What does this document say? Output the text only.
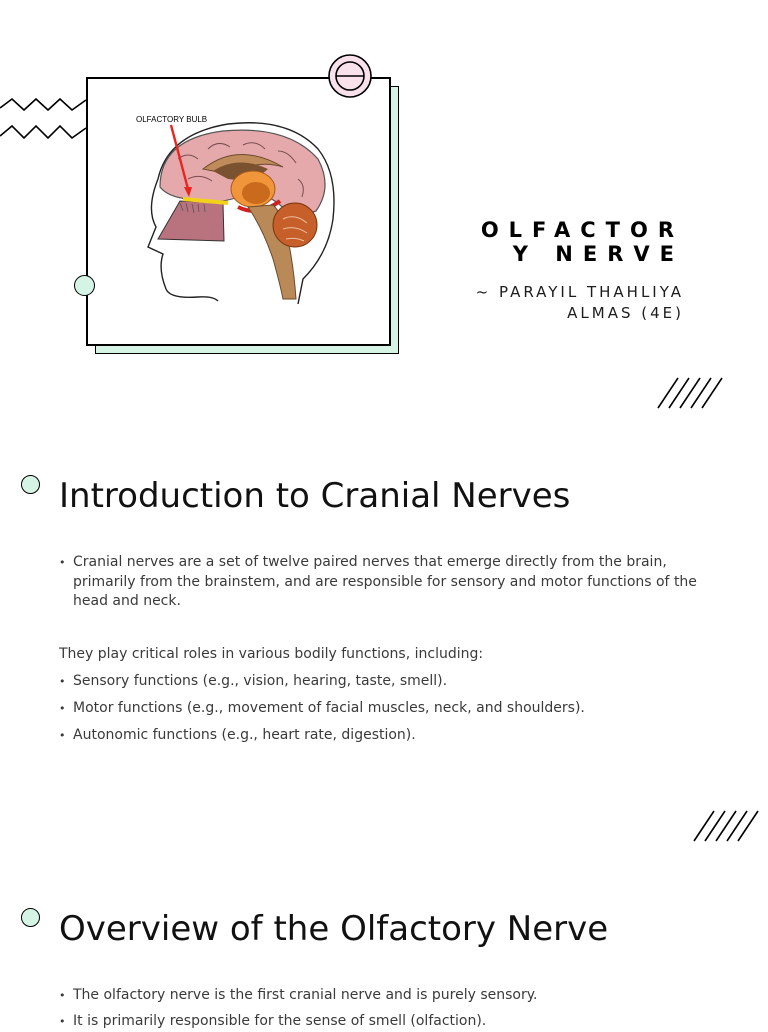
OLFACTORY BULB
OLFACTOR
Y NERVE
~ PARAYIL THAHLIYA
ALMAS (4E)
Introduction to Cranial Nerves
• Cranial nerves are a set of twelve paired nerves that emerge directly from the brain, primarily from the brainstem, and are responsible for sensory and motor functions of the head and neck.
They play critical roles in various bodily functions, including:
• Sensory functions (e.g., vision, hearing, taste, smell).
• Motor functions (e.g., movement of facial muscles, neck, and shoulders).
• Autonomic functions (e.g., heart rate, digestion).
Overview of the Olfactory Nerve
• The olfactory nerve is the first cranial nerve and is purely sensory.
• It is primarily responsible for the sense of smell (olfaction).
